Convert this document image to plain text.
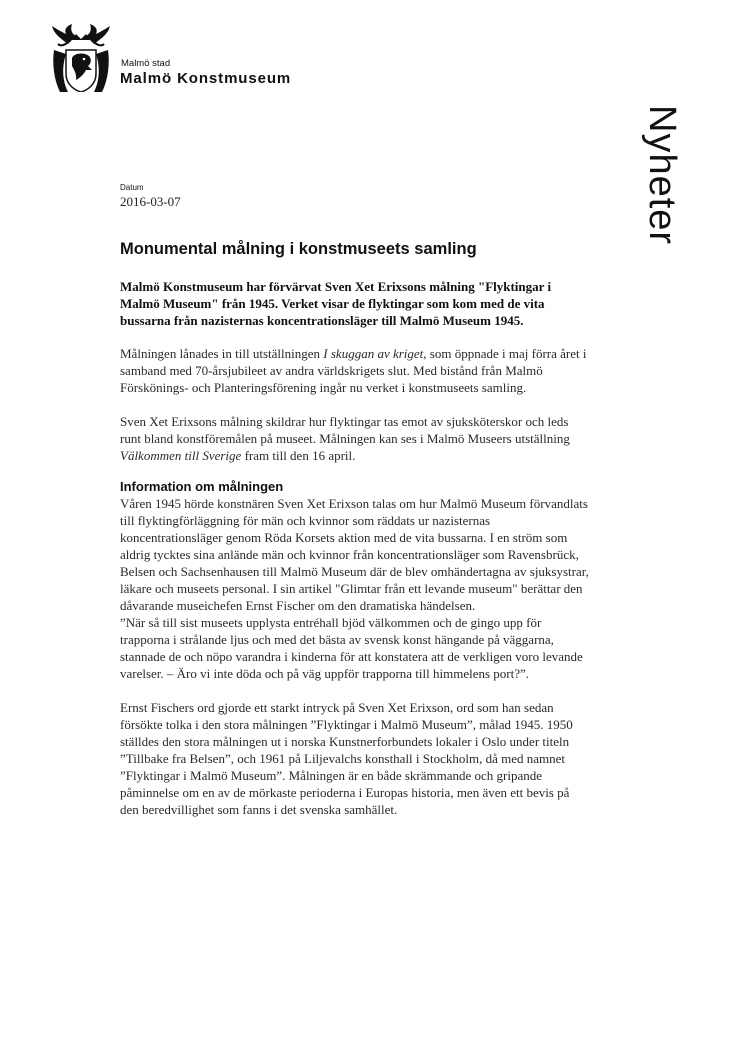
Malmö stad
Malmö Konstmuseum
Nyheter
Datum
2016-03-07
Monumental målning i konstmuseets samling

Malmö Konstmuseum har förvärvat Sven Xet Erixsons målning "Flyktingar i Malmö Museum" från 1945. Verket visar de flyktingar som kom med de vita bussarna från nazisternas koncentrationsläger till Malmö Museum 1945.

Målningen lånades in till utställningen I skuggan av kriget, som öppnade i maj förra året i samband med 70-årsjubileet av andra världskrigets slut. Med bistånd från Malmö Förskönings- och Planteringsförening ingår nu verket i konstmuseets samling.

Sven Xet Erixsons målning skildrar hur flyktingar tas emot av sjuksköterskor och leds runt bland konstföremålen på museet. Målningen kan ses i Malmö Museers utställning Välkommen till Sverige fram till den 16 april.

Information om målningen

Våren 1945 hörde konstnären Sven Xet Erixson talas om hur Malmö Museum förvandlats till flyktingförläggning för män och kvinnor som räddats ur nazisternas koncentrationsläger genom Röda Korsets aktion med de vita bussarna. I en ström som aldrig tycktes sina anlände män och kvinnor från koncentrationsläger som Ravensbrück, Belsen och Sachsenhausen till Malmö Museum där de blev omhändertagna av sjuksystrar, läkare och museets personal. I sin artikel "Glimtar från ett levande museum" berättar den dåvarande museichefen Ernst Fischer om den dramatiska händelsen.

”När så till sist museets upplysta entréhall bjöd välkommen och de gingo upp för trapporna i strålande ljus och med det bästa av svensk konst hängande på väggarna, stannade de och nöpo varandra i kinderna för att konstatera att de verkligen voro levande varelser. – Äro vi inte döda och på väg uppför trapporna till himmelens port?”.

Ernst Fischers ord gjorde ett starkt intryck på Sven Xet Erixson, ord som han sedan försökte tolka i den stora målningen ”Flyktingar i Malmö Museum”, målad 1945. 1950 ställdes den stora målningen ut i norska Kunstnerforbundets lokaler i Oslo under titeln ”Tillbake fra Belsen”, och 1961 på Liljevalchs konsthall i Stockholm, då med namnet ”Flyktingar i Malmö Museum”. Målningen är en både skrämmande och gripande påminnelse om en av de mörkaste perioderna i Europas historia, men även ett bevis på den beredvillighet som fanns i det svenska samhället.
